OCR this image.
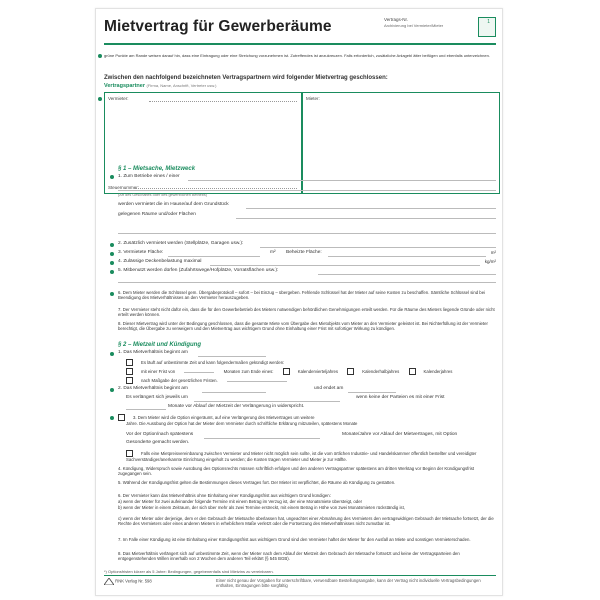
Mietvertrag für Gewerberäume	Vertrags-Nr.
Archivierung bei Vermieter/Mieter
1
grüne Punkte am Rande weisen darauf hin, dass eine Eintragung oder eine Streichung vorzunehmen ist. Zutreffendes ist anzukreuzen. Falls erforderlich, zusätzliche Anlagebl ätter beifügen und ebenfalls unterzeichnen.
Zwischen den nachfolgend bezeichneten Vertragspartnern wird folgender Mietvertrag geschlossen:
Vertragspartner (Firma, Name, Anschrift, Vertreter usw.)
Vermieter:
Steuernummer:
Mieter:
§ 1 – Mietsache, Mietzweck
1. Zum Betriebe eines / einer
(Art des Geschäftes oder des gewerblichen Betriebs)
werden vermietet die im Hause/auf dem Grundstück
gelegenen Räume und/oder Flächen
2. Zusätzlich vermietet werden (Stellplätze, Garagen usw.):
3. Vermietete Fläche:	m² Beheizte Fläche:	m²
4. Zulässige Deckenbelastung maximal	kg/m²
5. Mitbenutzt werden dürfen (Zufahrtswege/Hofplätze, Vorratsflächen usw.):
6. Dem Mieter werden die Schlüssel gem. Übergabeprotokoll – sofort – bei Einzug – übergeben. Fehlende Schlüssel hat der Mieter auf seine Kosten zu beschaffen. Sämtliche Schlüssel sind bei Beendigung des Mietverhältnisses an den Vermieter herauszugeben.
7. Der Vermieter steht nicht dafür ein, dass die für den Gewerbebetrieb des Mieters notwendigen behördlichen Genehmigungen erteilt werden. Für die Räume des Mieters liegende Gründe oder nicht erteilt werden können.
8. Dieser Mietvertrag wird unter der Bedingung geschlossen, dass die gesamte Miete vom Übergabe des Mietobjekts vom Mieter an den Vermieter geleistet ist. Bei Nichterfüllung ist der Vermieter berechtigt, die Übergabe zu verweigern und den Mietvertrag aus wichtigem Grund ohne Einhaltung einer Frist mit sofortiger Wirkung zu kündigen.
§ 2 – Mietzeit und Kündigung
1. Das Mietverhältnis beginnt am
Es läuft auf unbestimmte Zeit und kann folgendermaßen gekündigt werden:
mit einer Frist von	Monaten zum Ende eines:	Kalendervierteljahres	Kalenderhalbjahres	Kalenderjahres
nach Maßgabe der gesetzlichen Fristen.
2. Das Mietverhältnis beginnt am	und endet am
Es verlängert sich jeweils um	wenn keine der Parteien es mit einer Frist
Monate vor Ablauf der Mietzeit der Verlängerung in widerspricht.
3. Dem Mieter wird die Option eingeräumt, auf eine Verlängerung des Mietvertrages um weitere
Jahre. Die Ausübung der Option hat der Mieter dem Vermieter durch schriftliche Erklärung mitzuteilen, spätestens Monate
Vor der Option/nach spätestens	Monate/Jahre vor Ablauf der Mietvertrages, mit Option
Gesonderte gemacht werden.
Falls eine Mietpreisvereinbarung zwischen Vermieter und Mieter nicht möglich sein sollte, ist die vom örtlichen Industrie- und Handelskammer öffentlich bestellter und vereidigter Sachverständiger/anerkannte Einrichtung eingeholt zu werden; die Kosten tragen Vermieter und Mieter je zur Hälfte.
4. Kündigung, Widerspruch sowie Ausübung des Optionsrechts müssen schriftlich erfolgen und den anderen Vertragspartner spätestens am dritten Werktag vor Beginn der Kündigungsfrist zugegangen sein.
5. Während der Kündigungsfrist gelten die Bestimmungen dieses Vertrages fort. Der Mieter ist verpflichtet, die Räume ab Kündigung zu gestatten.
6. Der Vermieter kann das Mietverhältnis ohne Einhaltung einer Kündigungsfrist aus wichtigem Grund kündigen:
a) wenn der Mieter für zwei aufeinander folgende Termine mit einem Betrag im Verzug ist, der eine Monatsmiete übersteigt, oder
b) wenn der Mieter in einem Zeitraum, der sich über mehr als zwei Termine erstreckt, mit einem Betrag in Höhe von zwei Monatsmieten rückständig ist,
c) wenn der Mieter oder derjenige, dem er den Gebrauch der Mietsache überlassen hat, ungeachtet einer Abmahnung des Vermieters den vertragswidrigen Gebrauch der Mietsache fortsetzt, der die Rechte des Vermieters oder eines anderen Mieters in erheblichem Maße verletzt oder die Fortsetzung des Mietverhältnisses nicht zumutbar ist.
7. Im Falle einer Kündigung ist eine Einhaltung einer Kündigungsfrist aus wichtigem Grund sind den Vermieter haftet der Mieter für den Ausfall an Miete und sonstigen Vermieterschaden.
8. Das Mietverhältnis verlängert sich auf unbestimmte Zeit, wenn der Mieter nach dem Ablauf der Mietzeit den Gebrauch der Mietsache fortsetzt und keine der Vertragsparteien den entgegenstehenden Willen innerhalb von 2 Wochen dem anderen Teil erklärt (§ 545 BGB).
*) Optionsfristen kürzer als 5 Jahre: Bedingungen, gegebenenfalls sind Mietzins zu vereinbaren.
RNK Verlag Nr. 598	Einer nicht genau der Vorgaben für unterschriftbare, verwendbare Bestellungsangabe, kann der Vertrag nicht individuelle Vertragsbedingungen enthalten, Eintragungen bitte sorgfältig
